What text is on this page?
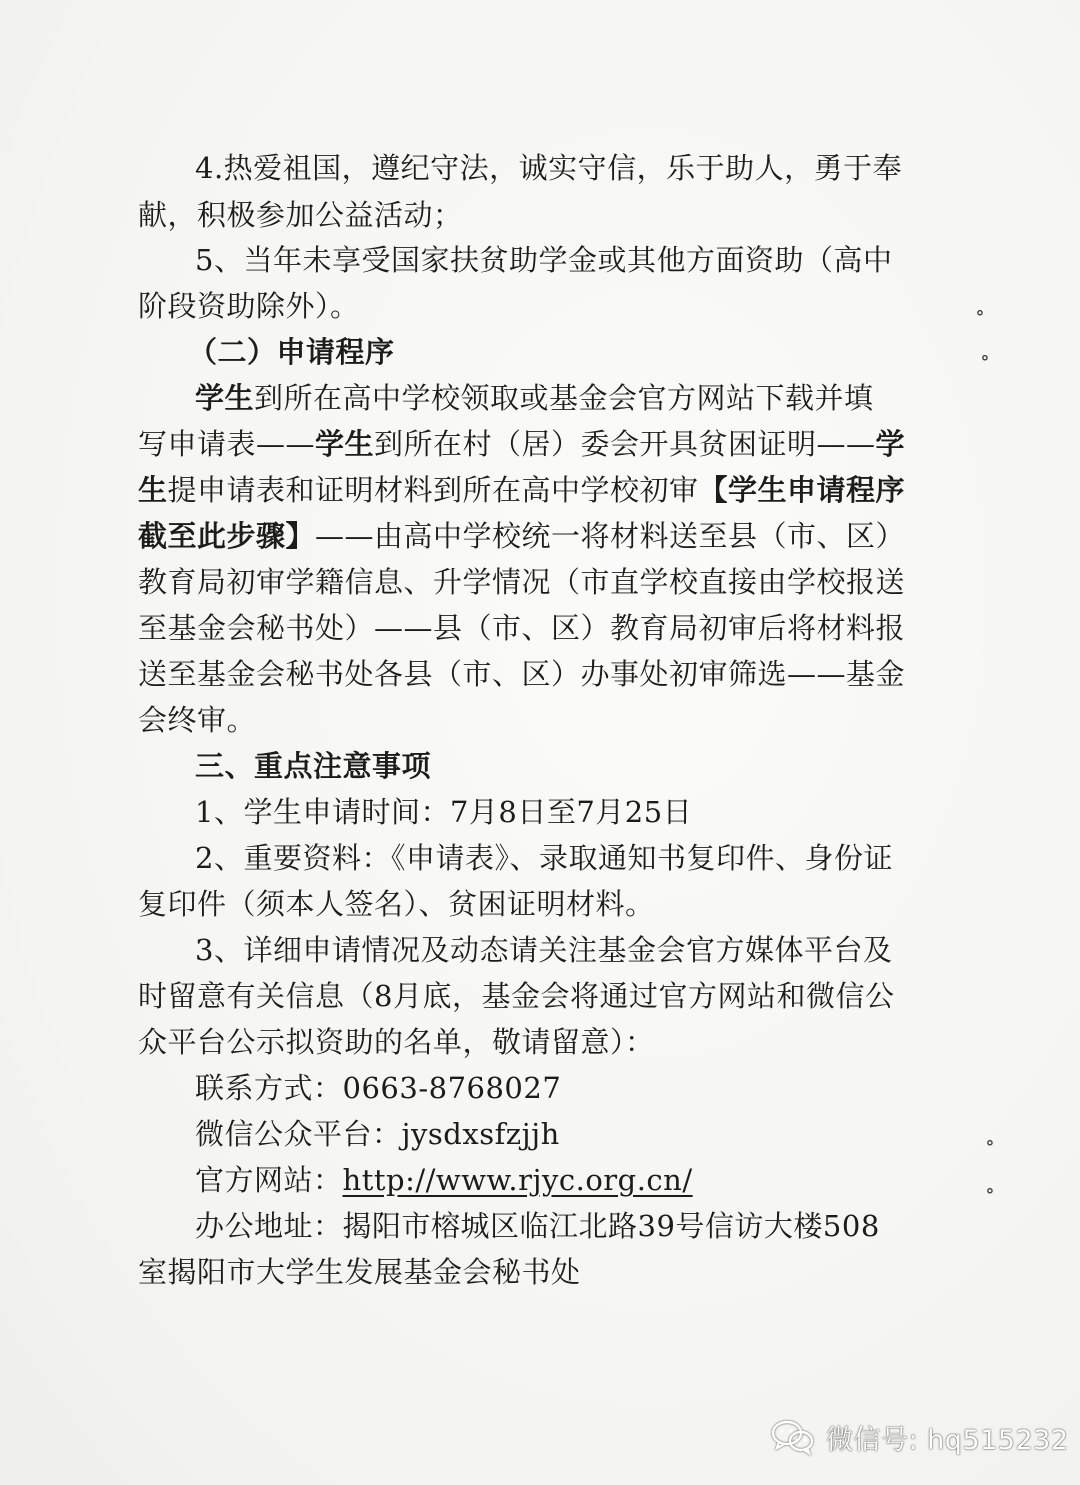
4.热爱祖国，遵纪守法，诚实守信，乐于助人，勇于奉
献，积极参加公益活动；
5、当年未享受国家扶贫助学金或其他方面资助（高中
阶段资助除外）。
（二）申请程序
学生 到所在高中学校领取或基金会官方网站下载并填
写申请表—— 学生 到所在村（居）委会开具贫困证明—— 学
生 提申请表和证明材料到所在高中学校初审 【学生申请程序
截至此步骤】 ——由高中学校统一将材料送至县（市、区）
教育局初审学籍信息、升学情况（市直学校直接由学校报送
至基金会秘书处）——县（市、区）教育局初审后将材料报
送至基金会秘书处各县（市、区）办事处初审筛选——基金
会终审。
三、重点注意事项
1、学生申请时间：7月8日至7月25日
2、重要资料：《申请表》、录取通知书复印件、身份证
复印件（须本人签名）、贫困证明材料。
3、详细申请情况及动态请关注基金会官方媒体平台及
时留意有关信息（8月底，基金会将通过官方网站和微信公
众平台公示拟资助的名单，敬请留意）：
联系方式：0663-8768027
微信公众平台：jysdxsfzjjh
官方网站：http://www.rjyc.org.cn/
办公地址：揭阳市榕城区临江北路39号信访大楼508
室揭阳市大学生发展基金会秘书处
∘
∘
∘
∘
微信号: hq515232
